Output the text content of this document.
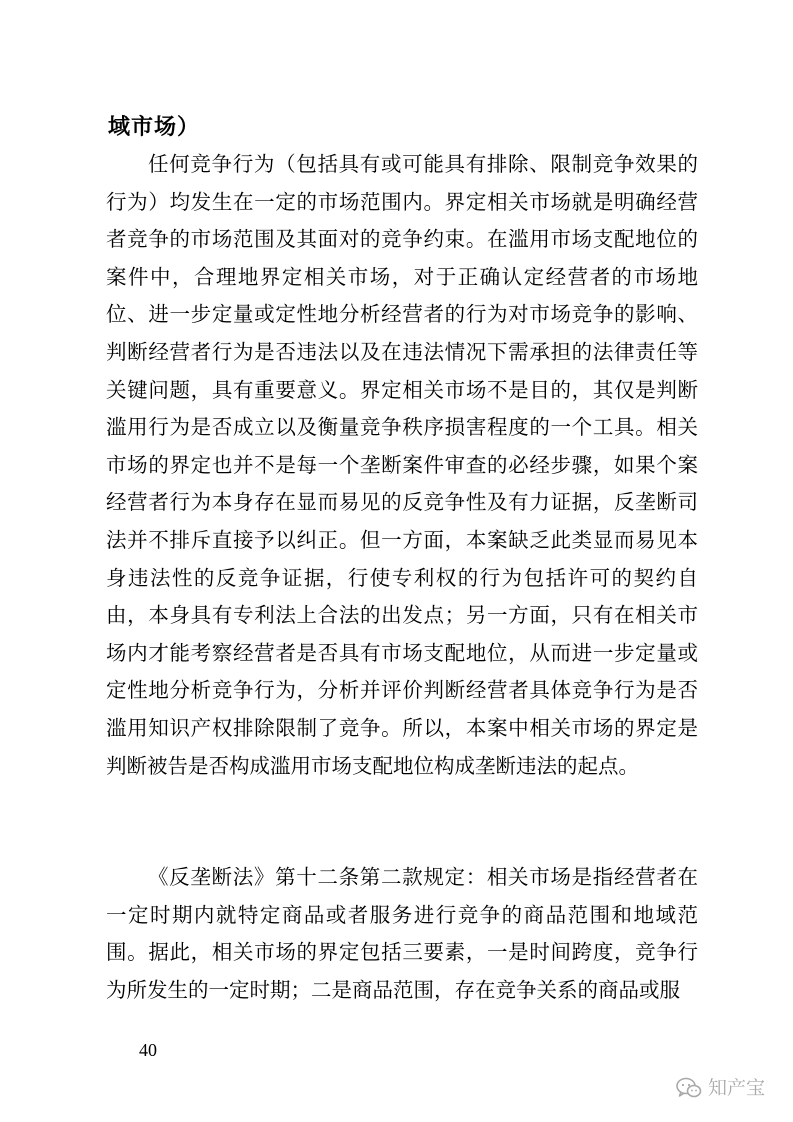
域市场）

任何竞争行为（包括具有或可能具有排除、限制竞争效果的行为）均发生在一定的市场范围内。界定相关市场就是明确经营者竞争的市场范围及其面对的竞争约束。在滥用市场支配地位的案件中，合理地界定相关市场，对于正确认定经营者的市场地位、进一步定量或定性地分析经营者的行为对市场竞争的影响、判断经营者行为是否违法以及在违法情况下需承担的法律责任等关键问题，具有重要意义。界定相关市场不是目的，其仅是判断滥用行为是否成立以及衡量竞争秩序损害程度的一个工具。相关市场的界定也并不是每一个垄断案件审查的必经步骤，如果个案经营者行为本身存在显而易见的反竞争性及有力证据，反垄断司法并不排斥直接予以纠正。但一方面，本案缺乏此类显而易见本身违法性的反竞争证据，行使专利权的行为包括许可的契约自由，本身具有专利法上合法的出发点；另一方面，只有在相关市场内才能考察经营者是否具有市场支配地位，从而进一步定量或定性地分析竞争行为，分析并评价判断经营者具体竞争行为是否滥用知识产权排除限制了竞争。所以，本案中相关市场的界定是判断被告是否构成滥用市场支配地位构成垄断违法的起点。

《反垄断法》第十二条第二款规定：相关市场是指经营者在一定时期内就特定商品或者服务进行竞争的商品范围和地域范围。据此，相关市场的界定包括三要素，一是时间跨度，竞争行为所发生的一定时期；二是商品范围，存在竞争关系的商品或服

40
知产宝
